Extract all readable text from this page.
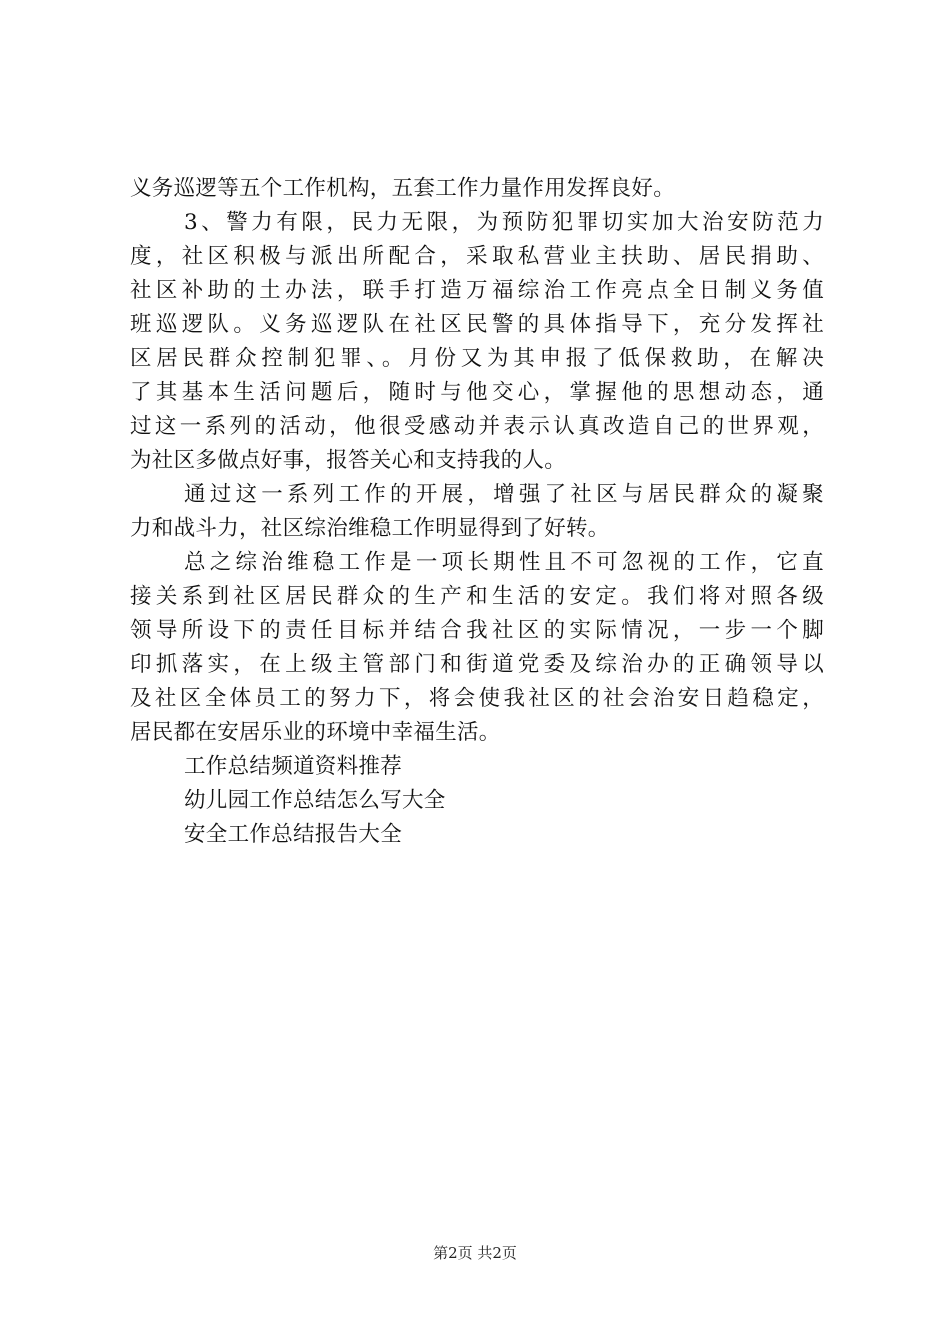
义务巡逻等五个工作机构，五套工作力量作用发挥良好。
3、警力有限，民力无限，为预防犯罪切实加大治安防范力
度，社区积极与派出所配合，采取私营业主扶助、居民捐助、
社区补助的土办法，联手打造万福综治工作亮点全日制义务值
班巡逻队。义务巡逻队在社区民警的具体指导下，充分发挥社
区居民群众控制犯罪、。月份又为其申报了低保救助，在解决
了其基本生活问题后，随时与他交心，掌握他的思想动态，通
过这一系列的活动，他很受感动并表示认真改造自己的世界观，
为社区多做点好事，报答关心和支持我的人。
通过这一系列工作的开展，增强了社区与居民群众的凝聚
力和战斗力，社区综治维稳工作明显得到了好转。
总之综治维稳工作是一项长期性且不可忽视的工作，它直
接关系到社区居民群众的生产和生活的安定。我们将对照各级
领导所设下的责任目标并结合我社区的实际情况，一步一个脚
印抓落实，在上级主管部门和街道党委及综治办的正确领导以
及社区全体员工的努力下，将会使我社区的社会治安日趋稳定，
居民都在安居乐业的环境中幸福生活。
工作总结频道资料推荐
幼儿园工作总结怎么写大全
安全工作总结报告大全
第2页 共2页
